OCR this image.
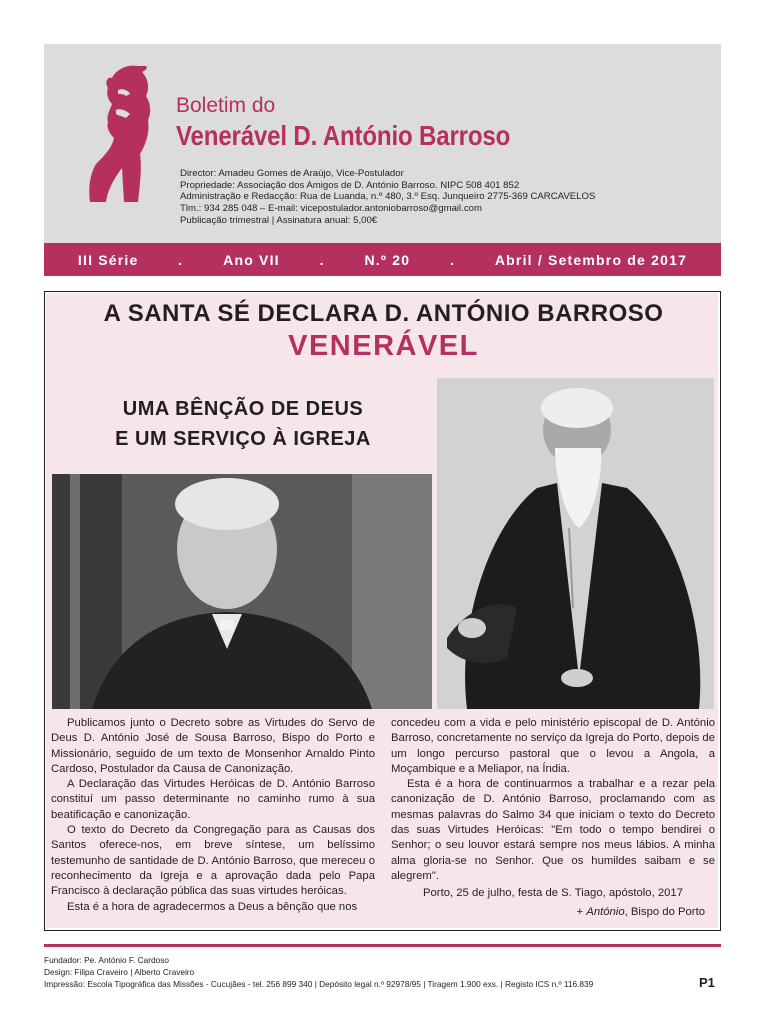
Boletim do
Venerável D. António Barroso
Director: Amadeu Gomes de Araújo, Vice-Postulador
Propriedade: Associação dos Amigos de D. António Barroso. NIPC 508 401 852
Administração e Redacção: Rua de Luanda, n.º 480, 3.º Esq. Junqueiro 2775-369 CARCAVELOS
Tlm.: 934 285 048 – E-mail: vicepostulador.antoniobarroso@gmail.com
Publicação trimestral | Assinatura anual: 5,00€
III Série	.	Ano VII	.	N.º 20	.	Abril / Setembro de 2017
A SANTA SÉ DECLARA D. ANTÓNIO BARROSO
VENERÁVEL
UMA BÊNÇÃO DE DEUS
E UM SERVIÇO À IGREJA

Publicamos junto o Decreto sobre as Virtudes do Servo de Deus D. António José de Sousa Barroso, Bispo do Porto e Missionário, seguido de um texto de Monsenhor Arnaldo Pinto Cardoso, Postulador da Causa de Canonização.

A Declaração das Virtudes Heróicas de D. António Barroso constituí um passo determinante no caminho rumo à sua beatificação e canonização.

O texto do Decreto da Congregação para as Causas dos Santos oferece-nos, em breve síntese, um belíssimo testemunho de santidade de D. António Barroso, que mereceu o reconhecimento da Igreja e a aprovação dada pelo Papa Francisco à declaração pública das suas virtudes heróicas.

Esta é a hora de agradecermos a Deus a bênção que nos

concedeu com a vida e pelo ministério episcopal de D. António Barroso, concretamente no serviço da Igreja do Porto, depois de um longo percurso pastoral que o levou a Angola, a Moçambique e a Meliapor, na Índia.

Esta é a hora de continuarmos a trabalhar e a rezar pela canonização de D. António Barroso, proclamando com as mesmas palavras do Salmo 34 que iniciam o texto do Decreto das suas Virtudes Heróicas: "Em todo o tempo bendirei o Senhor; o seu louvor estará sempre nos meus lábios. A minha alma gloria-se no Senhor. Que os humildes saibam e se alegrem".

Porto, 25 de julho, festa de S. Tiago, apóstolo, 2017
+ António, Bispo do Porto
Fundador: Pe. António F. Cardoso
Design: Filipa Craveiro | Alberto Craveiro
Impressão: Escola Tipográfica das Missões - Cucujães - tel. 256 899 340 | Depósito legal n.º 92978/95 | Tiragem 1.900 exs. | Registo ICS n.º 116.839	P1
